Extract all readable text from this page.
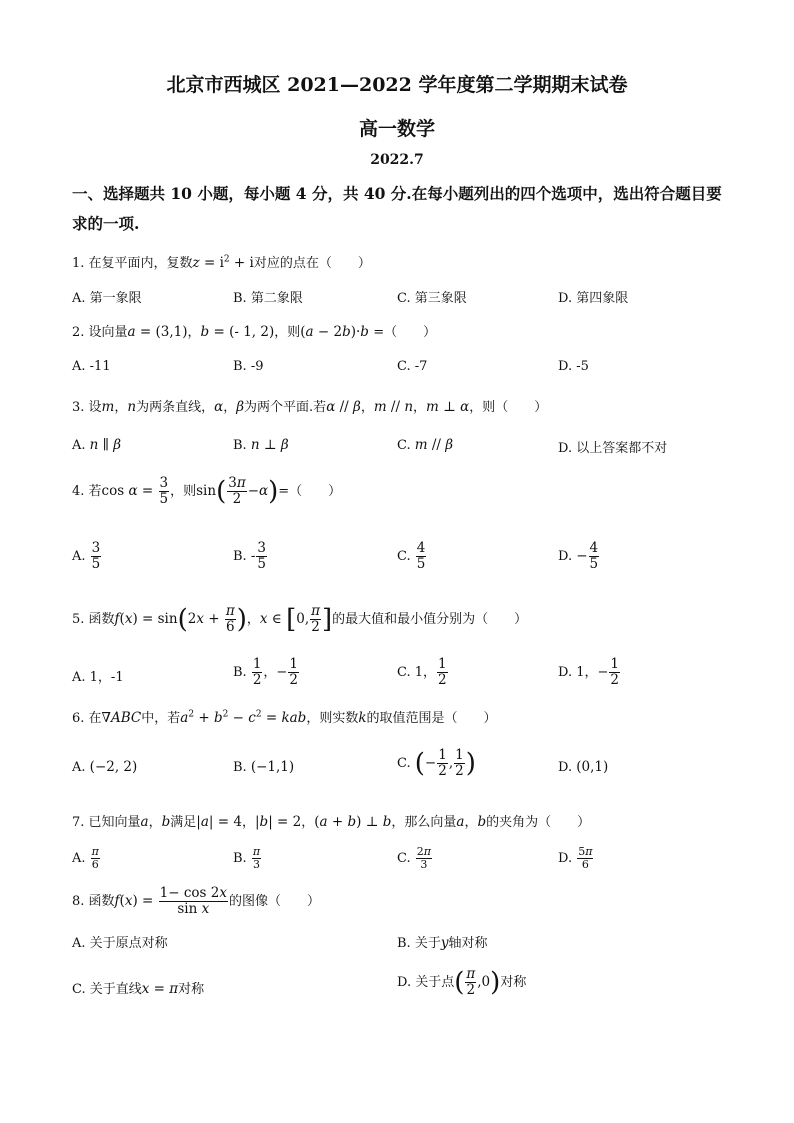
北京市西城区 2021—2022 学年度第二学期期末试卷
高一数学
2022.7
一、选择题共 10 小题，每小题 4 分，共 40 分.在每小题列出的四个选项中，选出符合题目要
求的一项.
1. 在复平面内，复数$z = i^2 + i$对应的点在（　　）
A. 第一象限	B. 第二象限	C. 第三象限	D. 第四象限
2. 设向量a = (3,1)，b = (- 1, 2)，则(a − 2b)·b =（　　）
A. -11	B. -9	C. -7	D. -5
3. 设m，n为两条直线，α，β为两个平面.若α // β，m // n，m ⊥ α，则（　　）
A. n ∥ β	B. n ⊥ β	C. m // β	D. 以上答案都不对
4. 若$\cos \alpha = \frac{3}{5}$ ，则$\sin( \frac{3\pi}{2} -\alpha)=$（　　）
A. $\frac{3}{5}$	B. - $\frac{3}{5}$	C. $\frac{4}{5}$	D. − $\frac{4}{5}$
5. 函数$f(x) = \sin(2x + \frac{\pi}{6}$ )，x ∈ [0, $\frac{\pi}{2}$ ]的最大值和最小值分别为（　　）
A. 1，-1	B. $\frac{1}{2}$ ，− $\frac{1}{2}$	C. 1， $\frac{1}{2}$	D. 1，− $\frac{1}{2}$
6. 在∇ABC中，若$a^2 + b^2 - c^2$ = kab，则实数k的取值范围是（　　）
A. (−2, 2)	B. (−1,1)	C. (− $\frac{1}{2}$ , $\frac{1}{2}$ )	D. (0,1)
7. 已知向量a，b满足|a| = 4，|b| = 2，(a + b) ⊥ b，那么向量a，b的夹角为（　　）
A. $\frac{\pi}{6}$	B. $\frac{\pi}{3}$	C. $\frac{2\pi}{3}$	D. $\frac{5\pi}{6}$
8. 函数$f(x) = \frac{1- \cos 2x}{\text{sin x}}$ 的图像（　　）
A. 关于原点对称	B. 关于y轴对称
C. 关于直线x = π对称	D. 关于点( $\frac{\pi}{2} ,0$)对称
